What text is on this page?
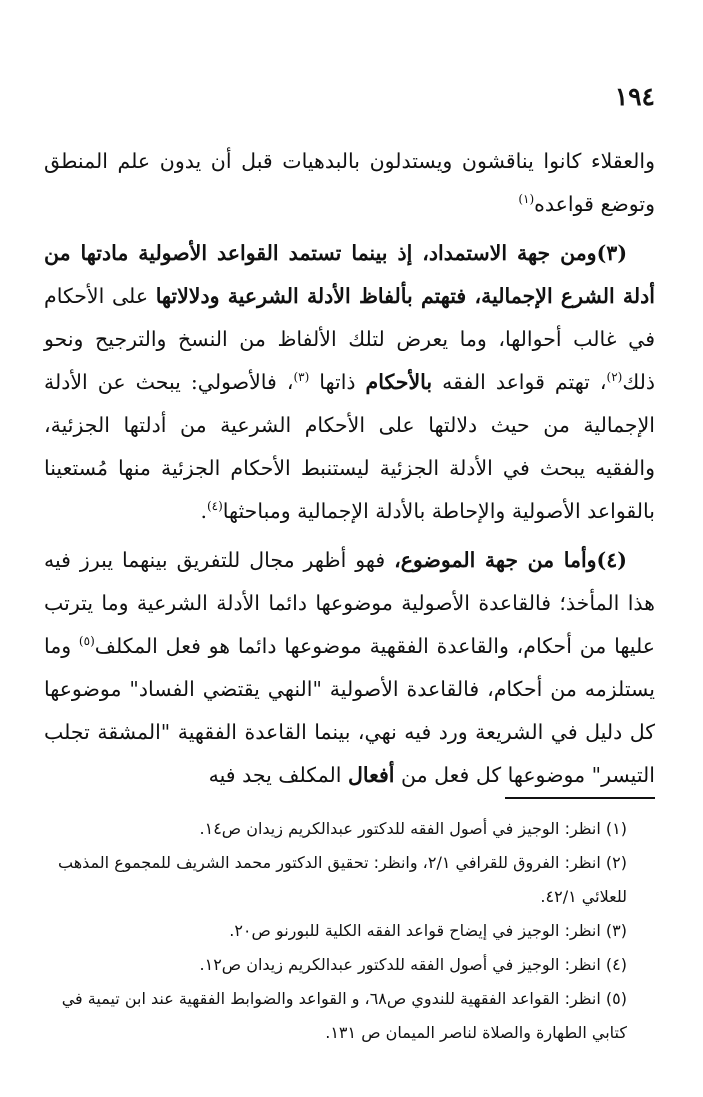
١٩٤

والعقلاء كانوا يناقشون ويستدلون بالبدهيات قبل أن يدون علم المنطق وتوضع قواعده$^{(١)}$

(٣)ومن جهة الاستمداد، إذ بينما تستمد القواعد الأصولية مادتها من أدلة الشرع الإجمالية، فتهتم بألفاظ الأدلة الشرعية ودلالاتها على الأحكام في غالب أحوالها، وما يعرض لتلك الألفاظ من النسخ والترجيح ونحو ذلك$^{(٢)}$، تهتم قواعد الفقه بالأحكام ذاتها $^{(٣)}$، فالأصولي: يبحث عن الأدلة الإجمالية من حيث دلالتها على الأحكام الشرعية من أدلتها الجزئية، والفقيه يبحث في الأدلة الجزئية ليستنبط الأحكام الجزئية منها مُستعينا بالقواعد الأصولية والإحاطة بالأدلة الإجمالية ومباحثها$^{(٤)}$.

(٤)وأما من جهة الموضوع، فهو أظهر مجال للتفريق بينهما يبرز فيه هذا المأخذ؛ فالقاعدة الأصولية موضوعها دائما الأدلة الشرعية وما يترتب عليها من أحكام، والقاعدة الفقهية موضوعها دائما هو فعل المكلف$^{(٥)}$ وما يستلزمه من أحكام، فالقاعدة الأصولية "النهي يقتضي الفساد" موضوعها كل دليل في الشريعة ورد فيه نهي، بينما القاعدة الفقهية "المشقة تجلب التيسر" موضوعها كل فعل من أفعال المكلف يجد فيه

(١) انظر: الوجيز في أصول الفقه للدكتور عبدالكريم زيدان ص١٤.

(٢) انظر: الفروق للقرافي ٢/١، وانظر: تحقيق الدكتور محمد الشريف للمجموع المذهب للعلائي ٤٢/١.

(٣) انظر: الوجيز في إيضاح قواعد الفقه الكلية للبورنو ص٢٠.

(٤) انظر: الوجيز في أصول الفقه للدكتور عبدالكريم زيدان ص١٢.

(٥) انظر: القواعد الفقهية للندوي ص٦٨، و القواعد والضوابط الفقهية عند ابن تيمية في كتابي الطهارة والصلاة لناصر الميمان ص ١٣١.
